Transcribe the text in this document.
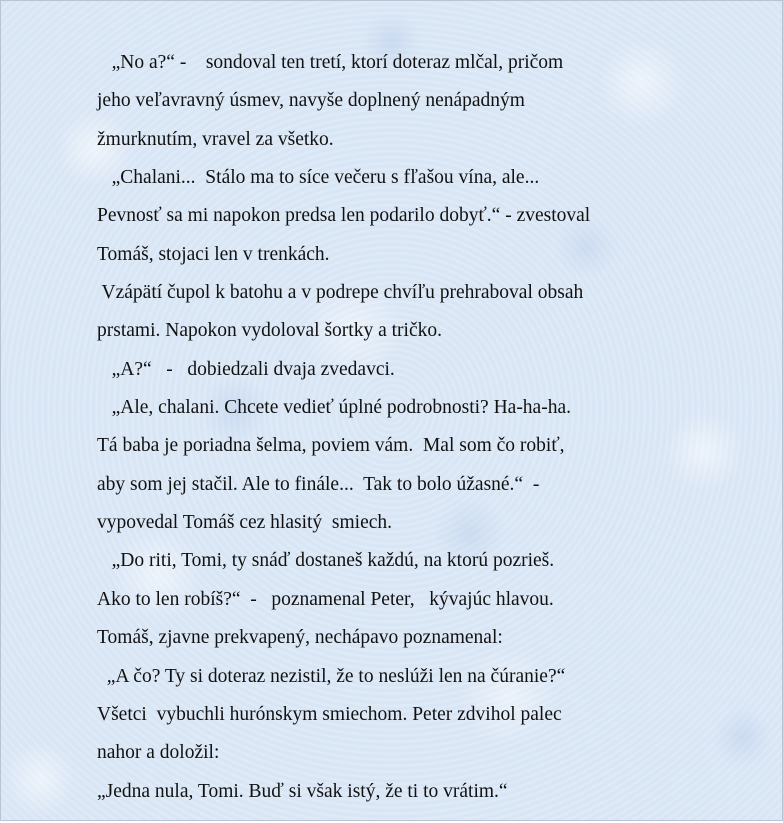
„No a?“ -    sondoval ten tretí, ktorí doteraz mlčal, pričom
jeho veľavravný úsmev, navyše doplnený nenápadným
žmurknutím, vravel za všetko.
„Chalani...  Stálo ma to síce večeru s fľašou vína, ale...
Pevnosť sa mi napokon predsa len podarilo dobyť.“ - zvestoval
Tomáš, stojaci len v trenkách.
Vzápätí čupol k batohu a v podrepe chvíľu prehraboval obsah
prstami. Napokon vydoloval šortky a tričko.
„A?“   -   dobiedzali dvaja zvedavci.
„Ale, chalani. Chcete vedieť úplné podrobnosti? Ha-ha-ha.
Tá baba je poriadna šelma, poviem vám.  Mal som čo robiť,
aby som jej stačil. Ale to finále...  Tak to bolo úžasné.“  -
vypovedal Tomáš cez hlasitý  smiech.
„Do riti, Tomi, ty snáď dostaneš každú, na ktorú pozrieš.
Ako to len robíš?“  -   poznamenal Peter,   kývajúc hlavou.
Tomáš, zjavne prekvapený, nechápavo poznamenal:
„A čo? Ty si doteraz nezistil, že to neslúži len na čúranie?“
Všetci  vybuchli hurónskym smiechom. Peter zdvihol palec
nahor a doložil:
„Jedna nula, Tomi. Buď si však istý, že ti to vrátim.“
